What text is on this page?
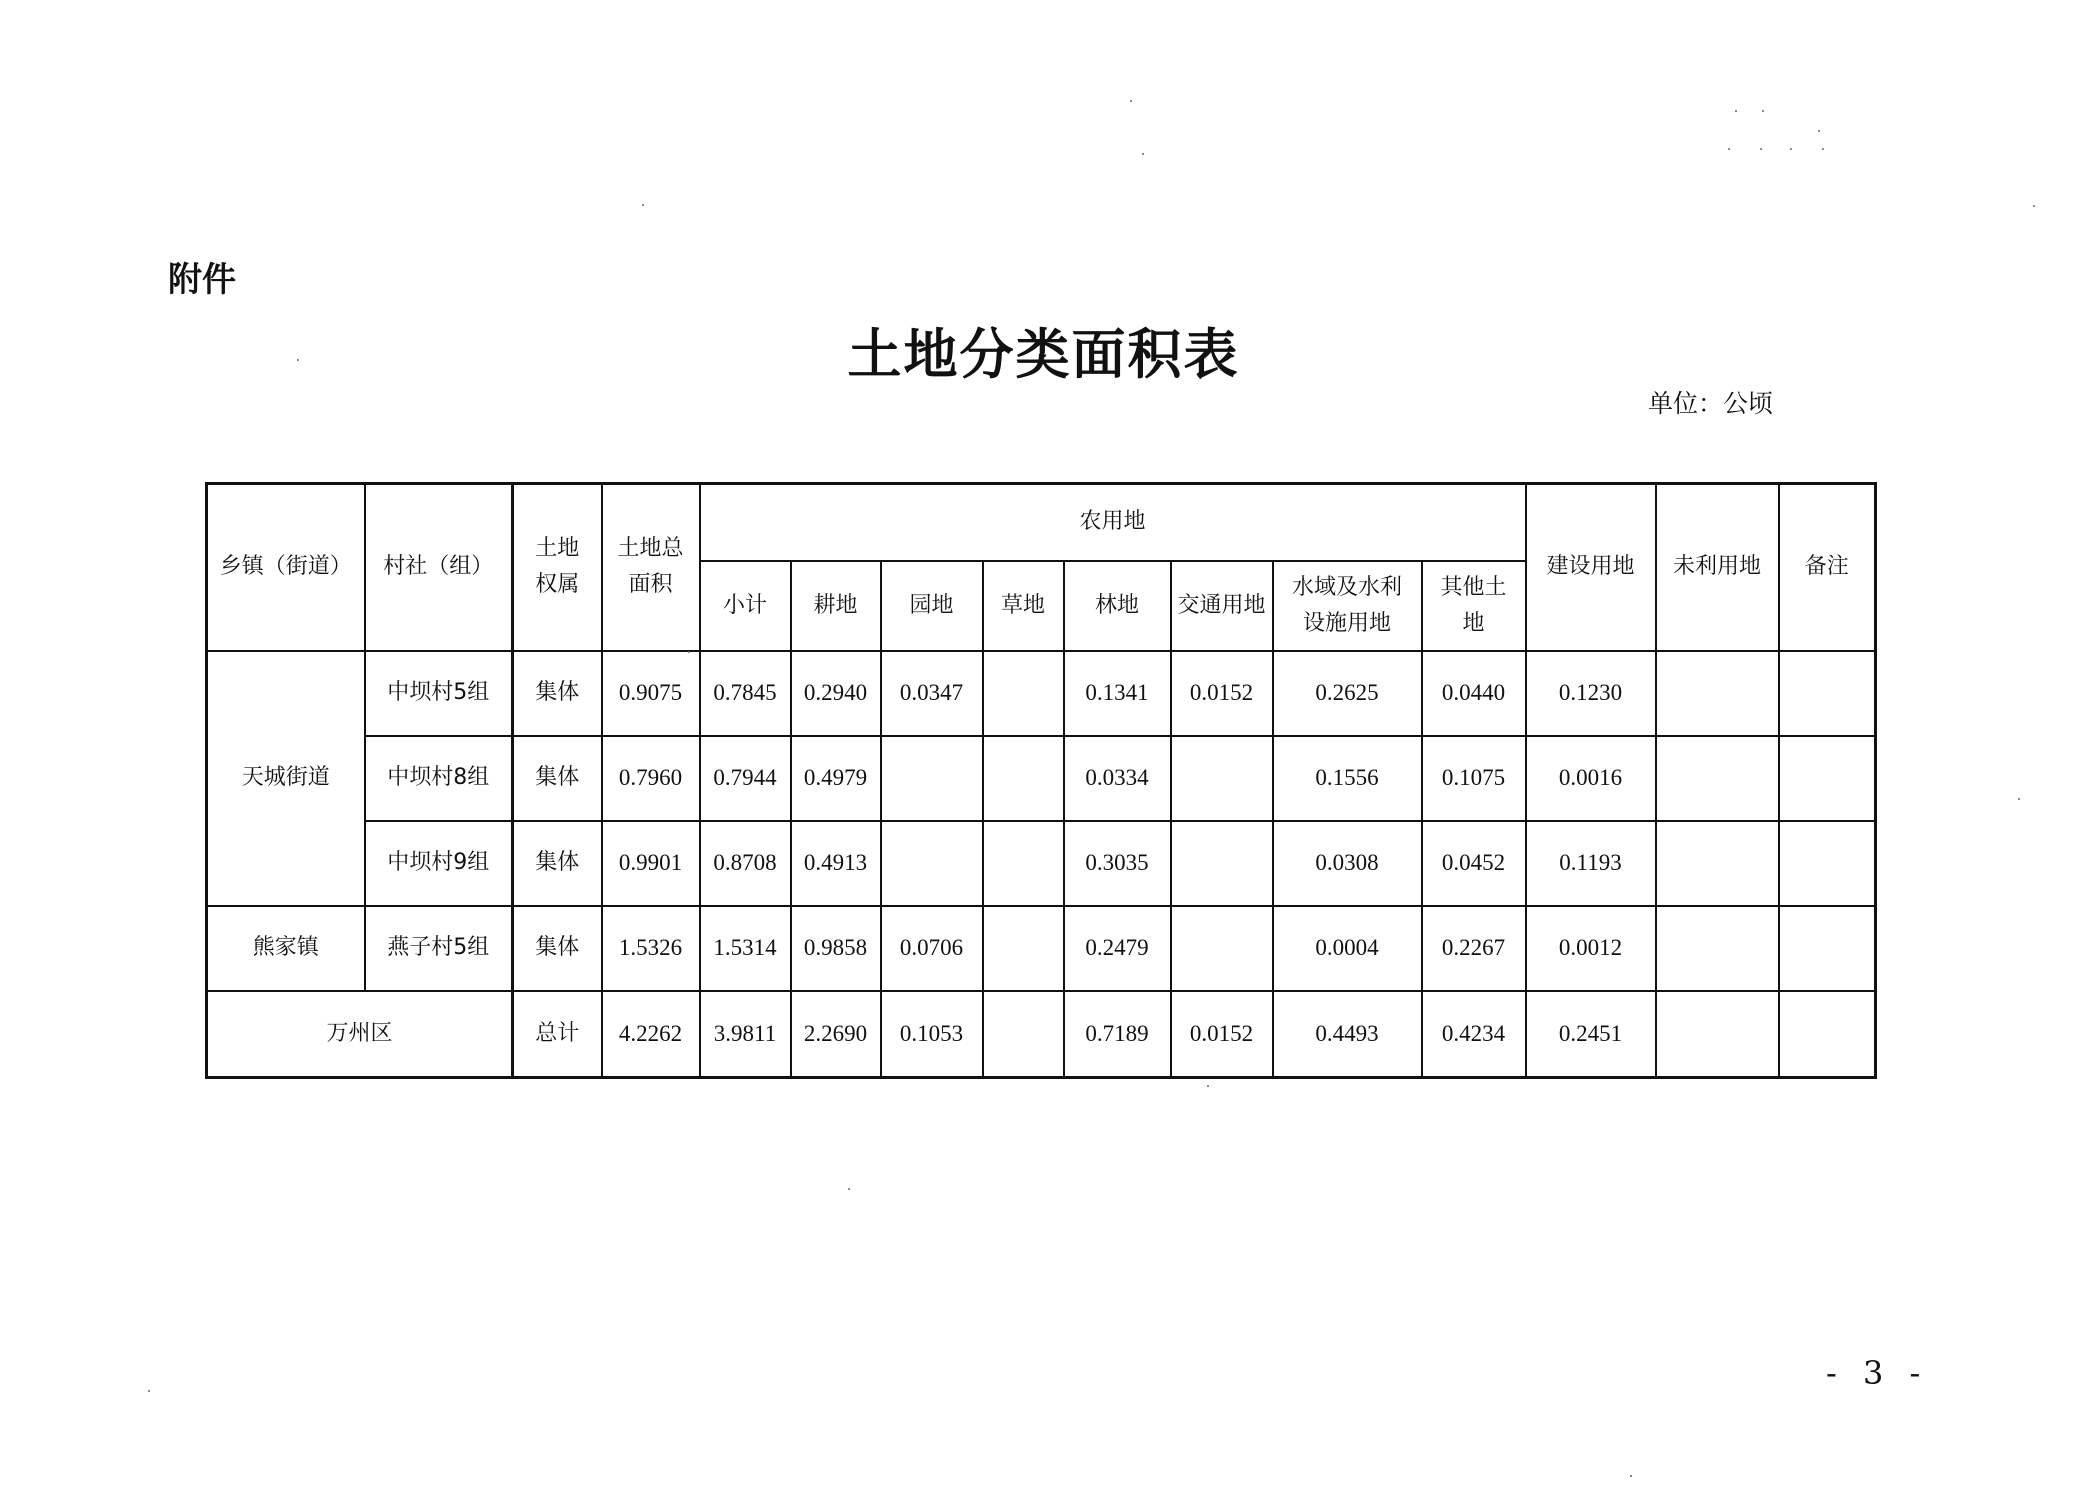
附件
土地分类面积表
单位：公顷
乡镇（街道）	村社（组）	土地权属	土地总面积	农用地								建设用地	未利用地	备注
				小计	耕地	园地	草地	林地	交通用地	水域及水利设施用地	其他土地			

天城街道	中坝村5组	集体	0.9075	0.7845	0.2940	0.0347		0.1341	0.0152	0.2625	0.0440	0.1230		
	中坝村8组	集体	0.7960	0.7944	0.4979			0.0334		0.1556	0.1075	0.0016		
	中坝村9组	集体	0.9901	0.8708	0.4913			0.3035		0.0308	0.0452	0.1193		
熊家镇	燕子村5组	集体	1.5326	1.5314	0.9858	0.0706		0.2479		0.0004	0.2267	0.0012		
万州区		总计	4.2262	3.9811	2.2690	0.1053		0.7189	0.0152	0.4493	0.4234	0.2451		
- 3 -
